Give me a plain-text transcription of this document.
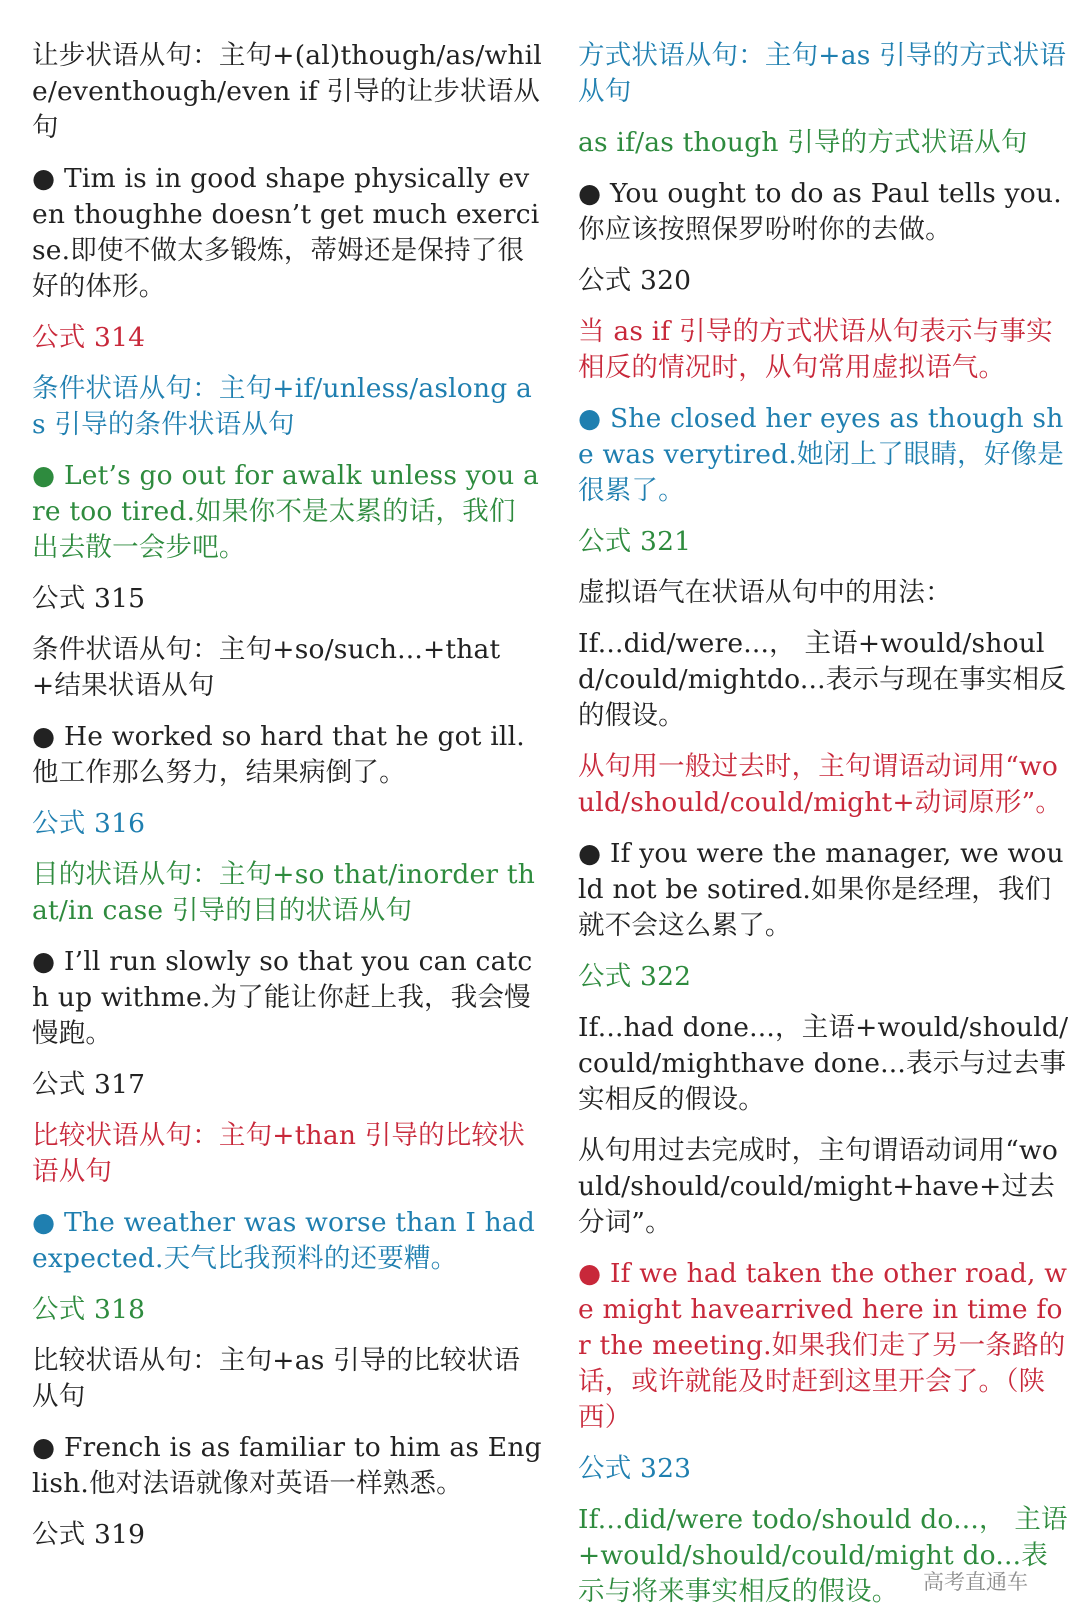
让步状语从句：主句+(al)though/as/while/eventhough/even if 引导的让步状语从句
● Tim is in good shape physically even thoughhe doesn’t get much exercise.即使不做太多锻炼，蒂姆还是保持了很好的体形。
公式 314
条件状语从句：主句+if/unless/aslong as 引导的条件状语从句
● Let’s go out for awalk unless you are too tired.如果你不是太累的话，我们出去散一会步吧。
公式 315
条件状语从句：主句+so/such...+that+结果状语从句
● He worked so hard that he got ill.他工作那么努力，结果病倒了。
公式 316
目的状语从句：主句+so that/inorder that/in case 引导的目的状语从句
● I’ll run slowly so that you can catch up withme.为了能让你赶上我，我会慢慢跑。
公式 317
比较状语从句：主句+than 引导的比较状语从句
● The weather was worse than I had expected.天气比我预料的还要糟。
公式 318
比较状语从句：主句+as 引导的比较状语从句
● French is as familiar to him as English.他对法语就像对英语一样熟悉。
公式 319
方式状语从句：主句+as 引导的方式状语从句
as if/as though 引导的方式状语从句
● You ought to do as Paul tells you.你应该按照保罗吩咐你的去做。
公式 320
当 as if 引导的方式状语从句表示与事实相反的情况时，从句常用虚拟语气。
● She closed her eyes as though she was verytired.她闭上了眼睛，好像是很累了。
公式 321
虚拟语气在状语从句中的用法：
If...did/were...， 主语+would/should/could/mightdo...表示与现在事实相反的假设。
从句用一般过去时，主句谓语动词用“would/should/could/might+动词原形”。
● If you were the manager, we would not be sotired.如果你是经理，我们就不会这么累了。
公式 322
If...had done...，主语+would/should/could/mighthave done...表示与过去事实相反的假设。
从句用过去完成时，主句谓语动词用“would/should/could/might+have+过去分词”。
● If we had taken the other road, we might havearrived here in time for the meeting.如果我们走了另一条路的话，或许就能及时赶到这里开会了。（陕西）
公式 323
If...did/were todo/should do...， 主语+would/should/could/might do...表示与将来事实相反的假设。	高考直通车
